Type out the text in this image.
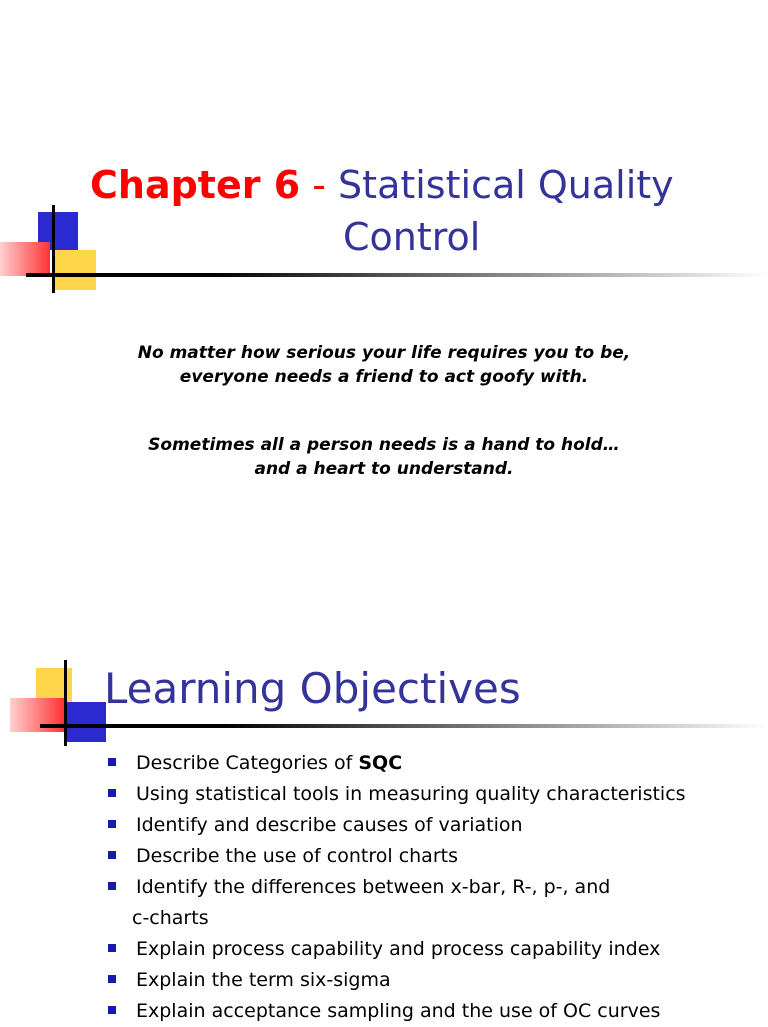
Chapter 6 - Statistical Quality
Control
No matter how serious your life requires you to be,
everyone needs a friend to act goofy with.
Sometimes all a person needs is a hand to hold…
and a heart to understand.
Learning Objectives
Describe Categories of SQC
Using statistical tools in measuring quality characteristics
Identify and describe causes of variation
Describe the use of control charts
Identify the differences between x-bar, R-, p-, and
c-charts
Explain process capability and process capability index
Explain the term six-sigma
Explain acceptance sampling and the use of OC curves
